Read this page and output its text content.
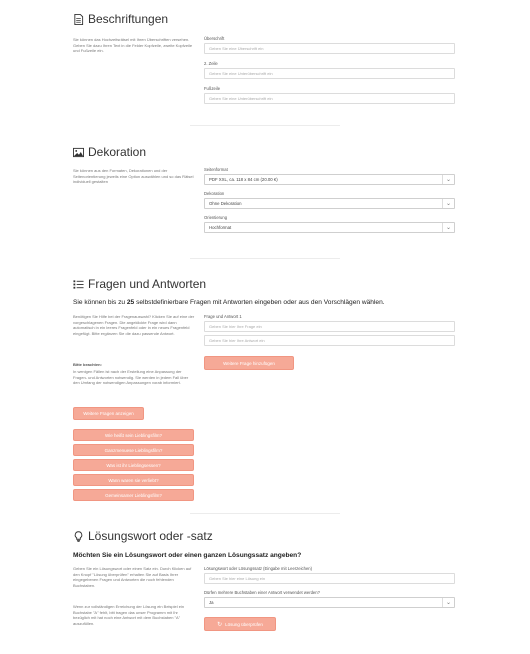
Beschriftungen
Sie können das Hochzeitsrätsel mit Ihren Überschriften versehen. Geben Sie dazu Ihren Text in die Felder Kopfzeile, zweite Kopfzeile und Fußzeile ein.
Überschrift
Geben Sie eine Überschrift ein
2. Zeile
Geben Sie eine Unterüberschrift ein
Fußzeile
Geben Sie eine Unterüberschrift ein
Dekoration
Sie können aus den Formaten, Dekorationen und der Seitenorientierung jeweils eine Option auswählen und so das Rätsel individuell gestalten
Seitenformat
PDF XXL, ca. 118 x 84 cm (20.00 €)	⌄
Dekoration
Ohne Dekoration	⌄
Orientierung
Hochformat	⌄
Fragen und Antworten
Sie können bis zu 25 selbstdefinierbare Fragen mit Antworten eingeben oder aus den Vorschlägen wählen.
Benötigen Sie Hilfe bei der Fragenauswahl? Klicken Sie auf eine der vorgeschlagenen Fragen. Die angeklickte Frage wird dann automatisch in ein leeres Fragenfeld oder in ein neues Fragenfeld eingefügt. Bitte ergänzen Sie die dazu passende Antwort.
Bitte beachten:
In wenigen Fällen ist nach der Erstellung eine Anpassung der Fragen- und Antworten notwendig. Sie werden in jedem Fall über den Umfang der notwendigen Anpassungen vorab informiert.
Weitere Fragen anzeigen
Wie heißt sein Lieblingsfilm?
Ganzmenuese Lieblingsfilm?
Was ist ihr Lieblingsessen?
Wann waren sie verliebt?
Gemeinsamer Lieblingsfilm?
Frage und Antwort 1
Geben Sie hier Ihre Frage ein
Geben Sie hier Ihre Antwort ein
Weitere Frage hinzufügen
Lösungswort oder -satz
Möchten Sie ein Lösungswort oder einen ganzen Lösungssatz angeben?
Geben Sie ein Lösungswort oder einen Satz ein. Durch Klicken auf den Knopf "Lösung überprüfen" erhalten Sie auf Basis Ihrer eingegebenen Fragen und Antworten die noch fehlenden Buchstaben.
Wenn zur vollständigen Erreichung der Lösung ein Beispiel ein Buchstabe "A" fehlt, bitt tragen das unser Programm mit Ihr bezüglich mit hat noch eine Antwort mit dem Buchstaben "A" auszufüllen.
Lösungswort oder Lösungssatz (Eingabe mit Leerzeichen)
Geben Sie hier eine Lösung ein
Dürfen mehrere Buchstaben einer Antwort verwendet werden?
Ja	⌄
↻ Lösung überprüfen
